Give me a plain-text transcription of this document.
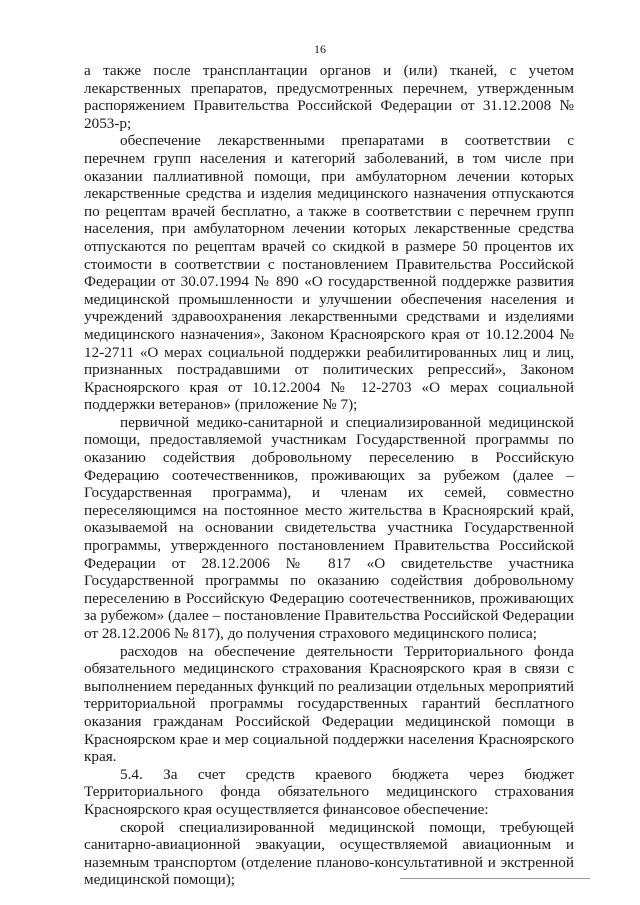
16

а также после трансплантации органов и (или) тканей, с учетом лекарственных препаратов, предусмотренных перечнем, утвержденным распоряжением Правительства Российской Федерации от 31.12.2008 № 2053-р;

обеспечение лекарственными препаратами в соответствии с перечнем групп населения и категорий заболеваний, в том числе при оказании паллиативной помощи, при амбулаторном лечении которых лекарственные средства и изделия медицинского назначения отпускаются по рецептам врачей бесплатно, а также в соответствии с перечнем групп населения, при амбулаторном лечении которых лекарственные средства отпускаются по рецептам врачей со скидкой в размере 50 процентов их стоимости в соответствии с постановлением Правительства Российской Федерации от 30.07.1994 № 890 «О государственной поддержке развития медицинской промышленности и улучшении обеспечения населения и учреждений здравоохранения лекарственными средствами и изделиями медицинского назначения», Законом Красноярского края от 10.12.2004 № 12-2711 «О мерах социальной поддержки реабилитированных лиц и лиц, признанных пострадавшими от политических репрессий», Законом Красноярского края от 10.12.2004 № 12-2703 «О мерах социальной поддержки ветеранов» (приложение № 7);

первичной медико-санитарной и специализированной медицинской помощи, предоставляемой участникам Государственной программы по оказанию содействия добровольному переселению в Российскую Федерацию соотечественников, проживающих за рубежом (далее – Государственная программа), и членам их семей, совместно переселяющимся на постоянное место жительства в Красноярский край, оказываемой на основании свидетельства участника Государственной программы, утвержденного постановлением Правительства Российской Федерации от 28.12.2006 № 817 «О свидетельстве участника Государственной программы по оказанию содействия добровольному переселению в Российскую Федерацию соотечественников, проживающих за рубежом» (далее – постановление Правительства Российской Федерации от 28.12.2006 № 817), до получения страхового медицинского полиса;

расходов на обеспечение деятельности Территориального фонда обязательного медицинского страхования Красноярского края в связи с выполнением переданных функций по реализации отдельных мероприятий территориальной программы государственных гарантий бесплатного оказания гражданам Российской Федерации медицинской помощи в Красноярском крае и мер социальной поддержки населения Красноярского края.

5.4. За счет средств краевого бюджета через бюджет Территориального фонда обязательного медицинского страхования Красноярского края осуществляется финансовое обеспечение:

скорой специализированной медицинской помощи, требующей санитарно-авиационной эвакуации, осуществляемой авиационным и наземным транспортом (отделение планово-консультативной и экстренной медицинской помощи);
